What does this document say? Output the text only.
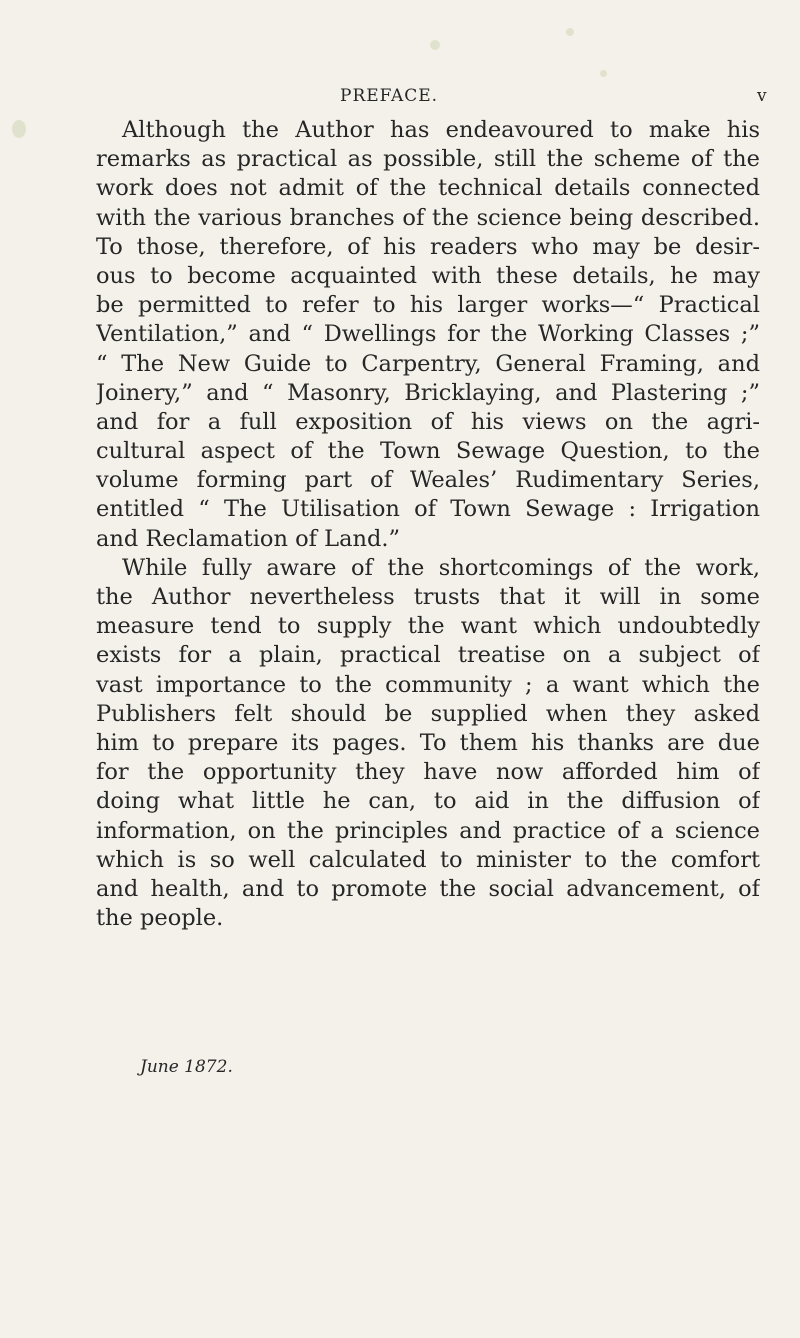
PREFACE.	v
Although the Author has endeavoured to make his
remarks as practical as possible, still the scheme of the
work does not admit of the technical details connected
with the various branches of the science being described.
To those, therefore, of his readers who may be desir-
ous to become acquainted with these details, he may
be permitted to refer to his larger works—“ Practical
Ventilation,” and “ Dwellings for the Working Classes ;”
“ The New Guide to Carpentry, General Framing, and
Joinery,” and “ Masonry, Bricklaying, and Plastering ;”
and for a full exposition of his views on the agri-
cultural aspect of the Town Sewage Question, to the
volume forming part of Weales’ Rudimentary Series,
entitled “ The Utilisation of Town Sewage : Irrigation
and Reclamation of Land.”
While fully aware of the shortcomings of the work,
the Author nevertheless trusts that it will in some
measure tend to supply the want which undoubtedly
exists for a plain, practical treatise on a subject of
vast importance to the community ; a want which the
Publishers felt should be supplied when they asked
him to prepare its pages. To them his thanks are due
for the opportunity they have now afforded him of
doing what little he can, to aid in the diffusion of
information, on the principles and practice of a science
which is so well calculated to minister to the comfort
and health, and to promote the social advancement, of
the people.
June 1872.
